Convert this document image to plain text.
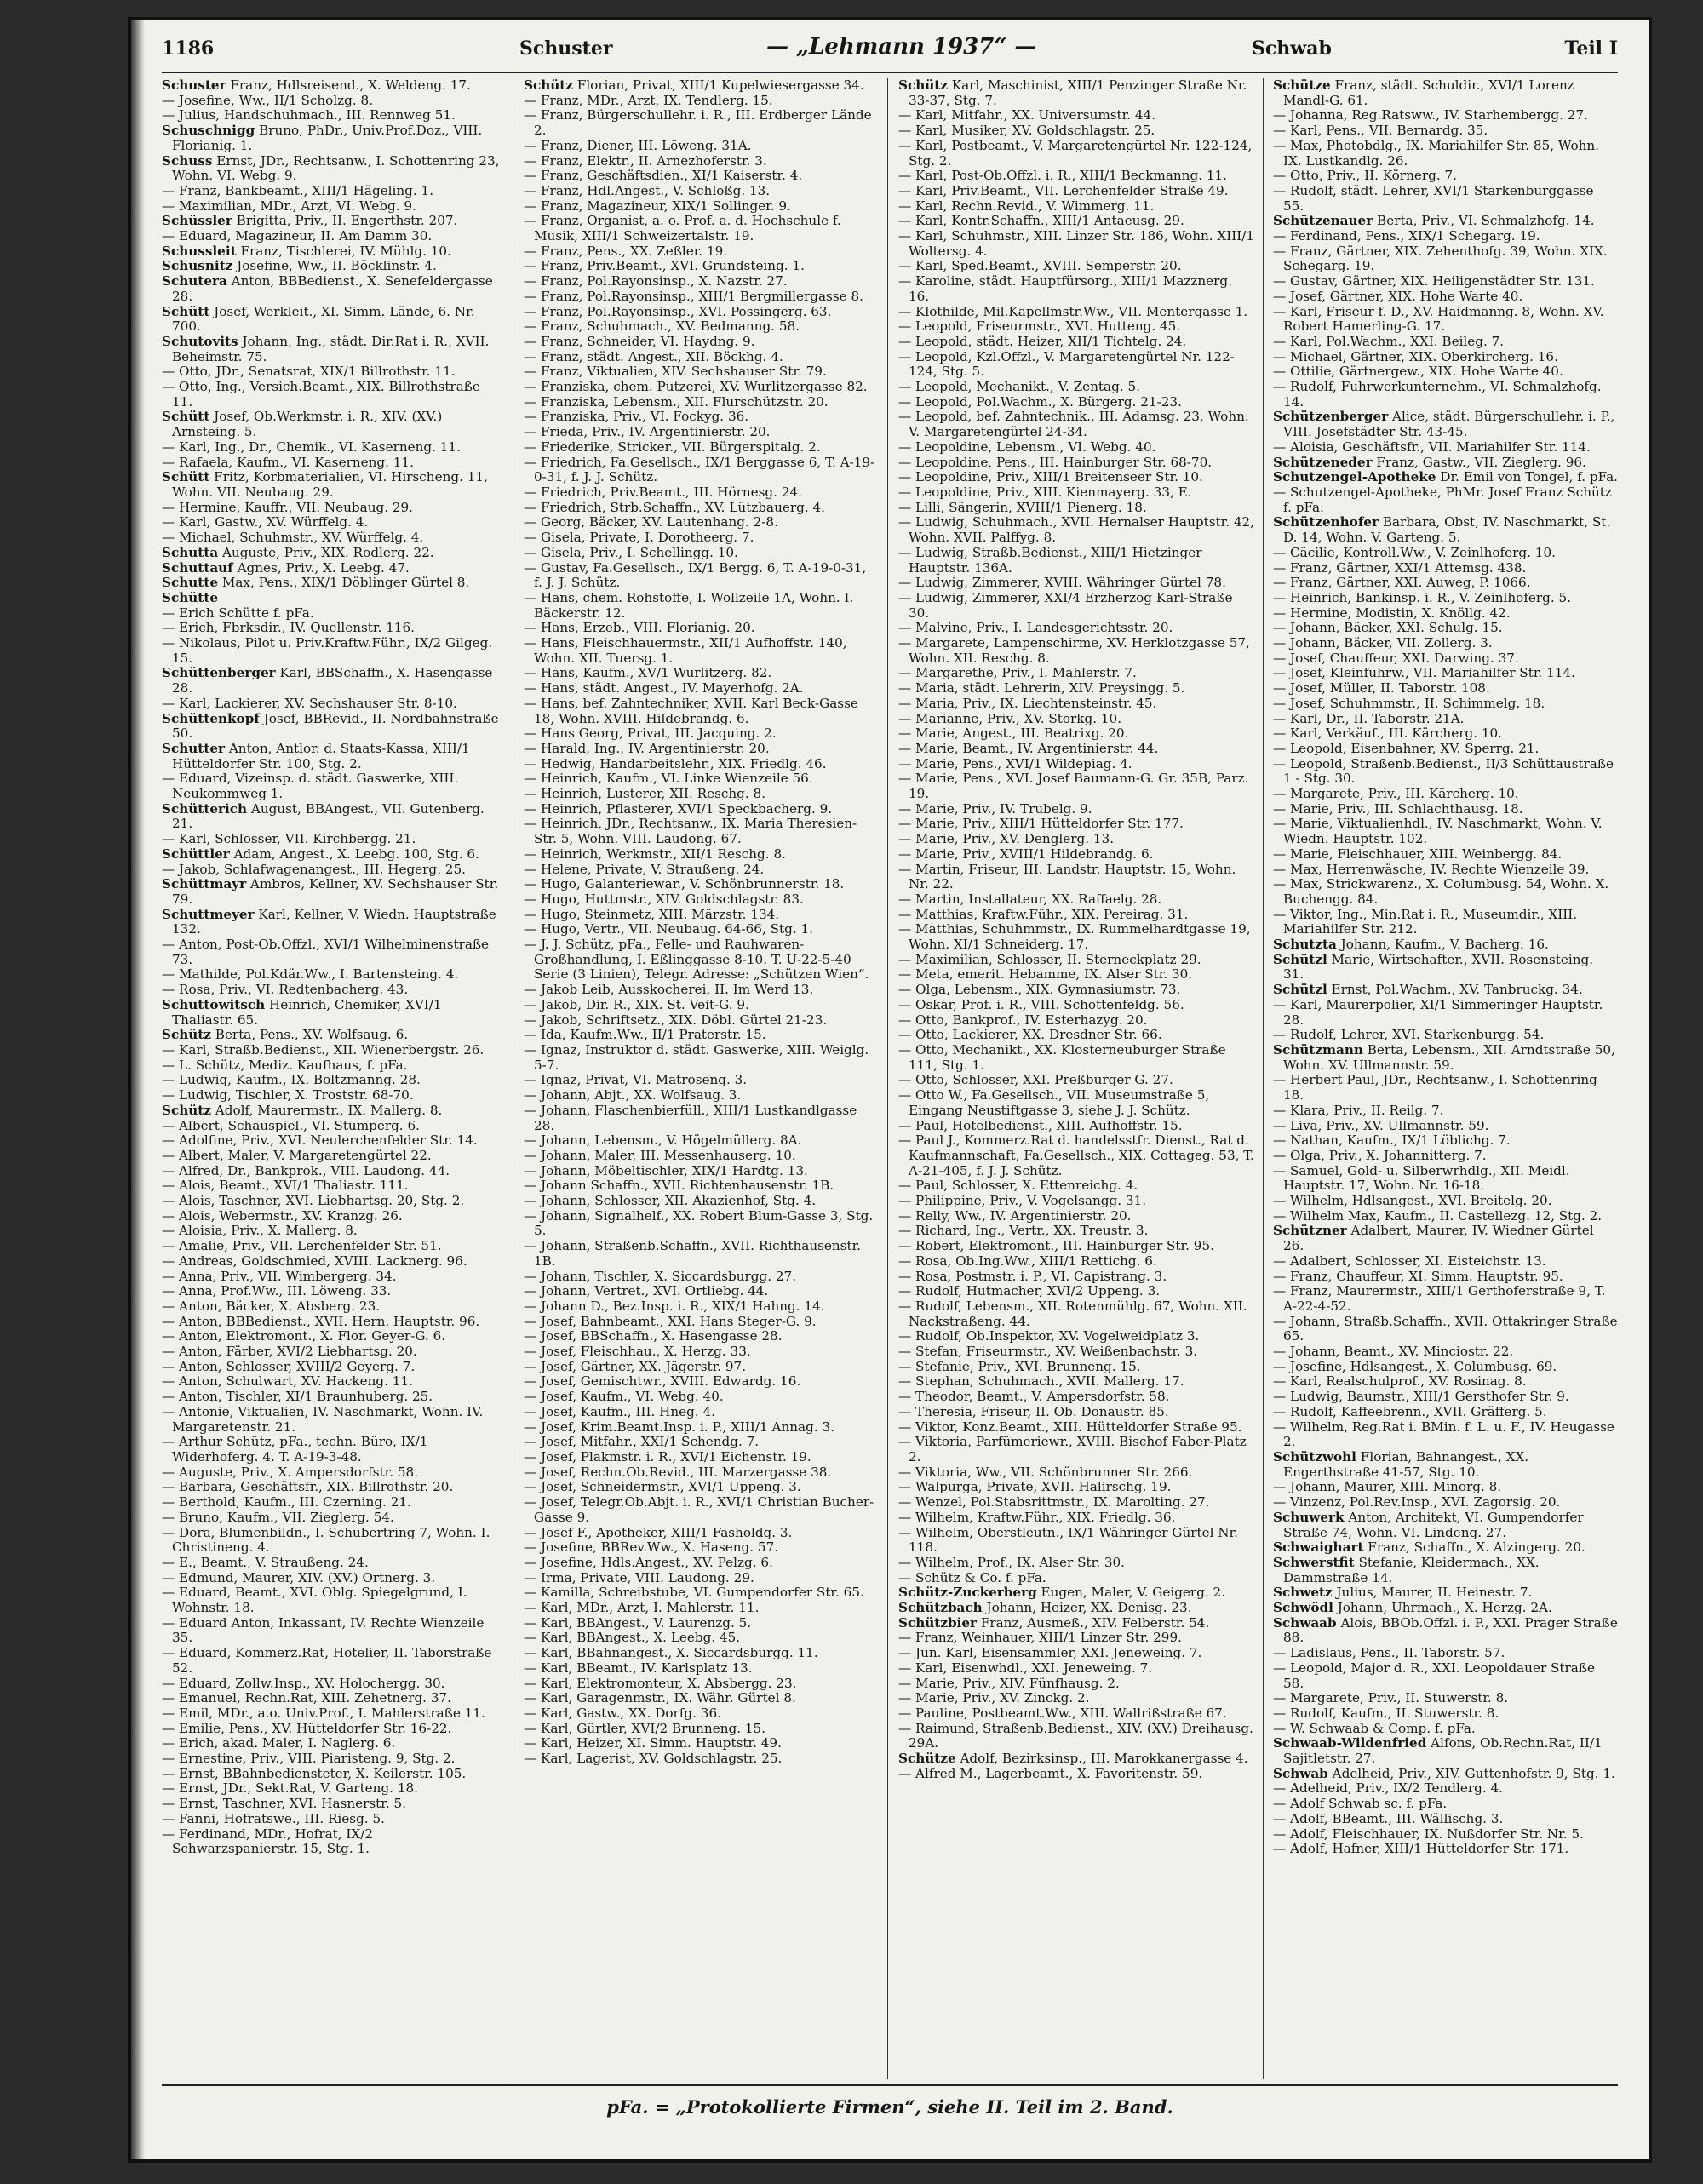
1186	Schuster	— „Lehmann 1937“ —	Schwab	Teil I

Schuster Franz, Hdlsreisend., X. Weldeng. 17.

— Josefine, Ww., II/1 Scholzg. 8.

— Julius, Handschuhmach., III. Rennweg 51.

Schuschnigg Bruno, PhDr., Univ.Prof.Doz., VIII. Florianig. 1.

Schuss Ernst, JDr., Rechtsanw., I. Schottenring 23, Wohn. VI. Webg. 9.

— Franz, Bankbeamt., XIII/1 Hägeling. 1.

— Maximilian, MDr., Arzt, VI. Webg. 9.

Schüssler Brigitta, Priv., II. Engerthstr. 207.

— Eduard, Magazineur, II. Am Damm 30.

Schussleit Franz, Tischlerei, IV. Mühlg. 10.

Schusnitz Josefine, Ww., II. Böcklinstr. 4.

Schutera Anton, BBBedienst., X. Senefeldergasse 28.

Schütt Josef, Werkleit., XI. Simm. Lände, 6. Nr. 700.

Schutovits Johann, Ing., städt. Dir.Rat i. R., XVII. Beheimstr. 75.

— Otto, JDr., Senatsrat, XIX/1 Billrothstr. 11.

— Otto, Ing., Versich.Beamt., XIX. Billrothstraße 11.

Schütt Josef, Ob.Werkmstr. i. R., XIV. (XV.) Arnsteing. 5.

— Karl, Ing., Dr., Chemik., VI. Kaserneng. 11.

— Rafaela, Kaufm., VI. Kaserneng. 11.

Schütt Fritz, Korbmaterialien, VI. Hirscheng. 11, Wohn. VII. Neubaug. 29.

— Hermine, Kauffr., VII. Neubaug. 29.

— Karl, Gastw., XV. Würffelg. 4.

— Michael, Schuhmstr., XV. Würffelg. 4.

Schutta Auguste, Priv., XIX. Rodlerg. 22.

Schuttauf Agnes, Priv., X. Leebg. 47.

Schutte Max, Pens., XIX/1 Döblinger Gürtel 8.

Schütte

— Erich Schütte f. pFa.

— Erich, Fbrksdir., IV. Quellenstr. 116.

— Nikolaus, Pilot u. Priv.Kraftw.Führ., IX/2 Gilgeg. 15.

Schüttenberger Karl, BBSchaffn., X. Hasengasse 28.

— Karl, Lackierer, XV. Sechshauser Str. 8-10.

Schüttenkopf Josef, BBRevid., II. Nordbahnstraße 50.

Schutter Anton, Antlor. d. Staats-Kassa, XIII/1 Hütteldorfer Str. 100, Stg. 2.

— Eduard, Vizeinsp. d. städt. Gaswerke, XIII. Neukommweg 1.

Schütterich August, BBAngest., VII. Gutenberg. 21.

— Karl, Schlosser, VII. Kirchbergg. 21.

Schüttler Adam, Angest., X. Leebg. 100, Stg. 6.

— Jakob, Schlafwagenangest., III. Hegerg. 25.

Schüttmayr Ambros, Kellner, XV. Sechshauser Str. 79.

Schuttmeyer Karl, Kellner, V. Wiedn. Hauptstraße 132.

— Anton, Post-Ob.Offzl., XVI/1 Wilhelminenstraße 73.

— Mathilde, Pol.Kdär.Ww., I. Bartensteing. 4.

— Rosa, Priv., VI. Redtenbacherg. 43.

Schuttowitsch Heinrich, Chemiker, XVI/1 Thaliastr. 65.

Schütz Berta, Pens., XV. Wolfsaug. 6.

— Karl, Straßb.Bedienst., XII. Wienerbergstr. 26.

— L. Schütz, Mediz. Kaufhaus, f. pFa.

— Ludwig, Kaufm., IX. Boltzmanng. 28.

— Ludwig, Tischler, X. Troststr. 68-70.

Schütz Adolf, Maurermstr., IX. Mallerg. 8.

— Albert, Schauspiel., VI. Stumperg. 6.

— Adolfine, Priv., XVI. Neulerchenfelder Str. 14.

— Albert, Maler, V. Margaretengürtel 22.

— Alfred, Dr., Bankprok., VIII. Laudong. 44.

— Alois, Beamt., XVI/1 Thaliastr. 111.

— Alois, Taschner, XVI. Liebhartsg. 20, Stg. 2.

— Alois, Webermstr., XV. Kranzg. 26.

— Aloisia, Priv., X. Mallerg. 8.

— Amalie, Priv., VII. Lerchenfelder Str. 51.

— Andreas, Goldschmied, XVIII. Lacknerg. 96.

— Anna, Priv., VII. Wimbergerg. 34.

— Anna, Prof.Ww., III. Löweng. 33.

— Anton, Bäcker, X. Absberg. 23.

— Anton, BBBedienst., XVII. Hern. Hauptstr. 96.

— Anton, Elektromont., X. Flor. Geyer-G. 6.

— Anton, Färber, XVI/2 Liebhartsg. 20.

— Anton, Schlosser, XVIII/2 Geyerg. 7.

— Anton, Schulwart, XV. Hackeng. 11.

— Anton, Tischler, XI/1 Braunhuberg. 25.

— Antonie, Viktualien, IV. Naschmarkt, Wohn. IV. Margaretenstr. 21.

— Arthur Schütz, pFa., techn. Büro, IX/1 Widerhoferg. 4. T. A-19-3-48.

— Auguste, Priv., X. Ampersdorfstr. 58.

— Barbara, Geschäftsfr., XIX. Billrothstr. 20.

— Berthold, Kaufm., III. Czerning. 21.

— Bruno, Kaufm., VII. Zieglerg. 54.

— Dora, Blumenbildn., I. Schubertring 7, Wohn. I. Christineng. 4.

— E., Beamt., V. Straußeng. 24.

— Edmund, Maurer, XIV. (XV.) Ortnerg. 3.

— Eduard, Beamt., XVI. Oblg. Spiegelgrund, I. Wohnstr. 18.

— Eduard Anton, Inkassant, IV. Rechte Wienzeile 35.

— Eduard, Kommerz.Rat, Hotelier, II. Taborstraße 52.

— Eduard, Zollw.Insp., XV. Holochergg. 30.

— Emanuel, Rechn.Rat, XIII. Zehetnerg. 37.

— Emil, MDr., a.o. Univ.Prof., I. Mahlerstraße 11.

— Emilie, Pens., XV. Hütteldorfer Str. 16-22.

— Erich, akad. Maler, I. Naglerg. 6.

— Ernestine, Priv., VIII. Piaristeng. 9, Stg. 2.

— Ernst, BBahnbediensteter, X. Keilerstr. 105.

— Ernst, JDr., Sekt.Rat, V. Garteng. 18.

— Ernst, Taschner, XVI. Hasnerstr. 5.

— Fanni, Hofratswe., III. Riesg. 5.

— Ferdinand, MDr., Hofrat, IX/2 Schwarzspanierstr. 15, Stg. 1.

Schütz Florian, Privat, XIII/1 Kupelwiesergasse 34.

— Franz, MDr., Arzt, IX. Tendlerg. 15.

— Franz, Bürgerschullehr. i. R., III. Erdberger Lände 2.

— Franz, Diener, III. Löweng. 31A.

— Franz, Elektr., II. Arnezhoferstr. 3.

— Franz, Geschäftsdien., XI/1 Kaiserstr. 4.

— Franz, Hdl.Angest., V. Schloßg. 13.

— Franz, Magazineur, XIX/1 Sollinger. 9.

— Franz, Organist, a. o. Prof. a. d. Hochschule f. Musik, XIII/1 Schweizertalstr. 19.

— Franz, Pens., XX. Zeßler. 19.

— Franz, Priv.Beamt., XVI. Grundsteing. 1.

— Franz, Pol.Rayonsinsp., X. Nazstr. 27.

— Franz, Pol.Rayonsinsp., XIII/1 Bergmillergasse 8.

— Franz, Pol.Rayonsinsp., XVI. Possingerg. 63.

— Franz, Schuhmach., XV. Bedmanng. 58.

— Franz, Schneider, VI. Haydng. 9.

— Franz, städt. Angest., XII. Böckhg. 4.

— Franz, Viktualien, XIV. Sechshauser Str. 79.

— Franziska, chem. Putzerei, XV. Wurlitzergasse 82.

— Franziska, Lebensm., XII. Flurschützstr. 20.

— Franziska, Priv., VI. Fockyg. 36.

— Frieda, Priv., IV. Argentinierstr. 20.

— Friederike, Stricker., VII. Bürgerspitalg. 2.

— Friedrich, Fa.Gesellsch., IX/1 Berggasse 6, T. A-19-0-31, f. J. J. Schütz.

— Friedrich, Priv.Beamt., III. Hörnesg. 24.

— Friedrich, Strb.Schaffn., XV. Lützbauerg. 4.

— Georg, Bäcker, XV. Lautenhang. 2-8.

— Gisela, Private, I. Dorotheerg. 7.

— Gisela, Priv., I. Schellingg. 10.

— Gustav, Fa.Gesellsch., IX/1 Bergg. 6, T. A-19-0-31, f. J. J. Schütz.

— Hans, chem. Rohstoffe, I. Wollzeile 1A, Wohn. I. Bäckerstr. 12.

— Hans, Erzeb., VIII. Florianig. 20.

— Hans, Fleischhauermstr., XII/1 Aufhoffstr. 140, Wohn. XII. Tuersg. 1.

— Hans, Kaufm., XV/1 Wurlitzerg. 82.

— Hans, städt. Angest., IV. Mayerhofg. 2A.

— Hans, bef. Zahntechniker, XVII. Karl Beck-Gasse 18, Wohn. XVIII. Hildebrandg. 6.

— Hans Georg, Privat, III. Jacquing. 2.

— Harald, Ing., IV. Argentinierstr. 20.

— Hedwig, Handarbeitslehr., XIX. Friedlg. 46.

— Heinrich, Kaufm., VI. Linke Wienzeile 56.

— Heinrich, Lusterer, XII. Reschg. 8.

— Heinrich, Pflasterer, XVI/1 Speckbacherg. 9.

— Heinrich, JDr., Rechtsanw., IX. Maria Theresien-Str. 5, Wohn. VIII. Laudong. 67.

— Heinrich, Werkmstr., XII/1 Reschg. 8.

— Helene, Private, V. Straußeng. 24.

— Hugo, Galanteriewar., V. Schönbrunnerstr. 18.

— Hugo, Huttmstr., XIV. Goldschlagstr. 83.

— Hugo, Steinmetz, XIII. Märzstr. 134.

— Hugo, Vertr., VII. Neubaug. 64-66, Stg. 1.

— J. J. Schütz, pFa., Felle- und Rauhwaren-Großhandlung, I. Eßlinggasse 8-10. T. U-22-5-40 Serie (3 Linien), Telegr. Adresse: „Schützen Wien“.

— Jakob Leib, Ausskocherei, II. Im Werd 13.

— Jakob, Dir. R., XIX. St. Veit-G. 9.

— Jakob, Schriftsetz., XIX. Döbl. Gürtel 21-23.

— Ida, Kaufm.Ww., II/1 Praterstr. 15.

— Ignaz, Instruktor d. städt. Gaswerke, XIII. Weiglg. 5-7.

— Ignaz, Privat, VI. Matroseng. 3.

— Johann, Abjt., XX. Wolfsaug. 3.

— Johann, Flaschenbierfüll., XIII/1 Lustkandlgasse 28.

— Johann, Lebensm., V. Högelmüllerg. 8A.

— Johann, Maler, III. Messenhauserg. 10.

— Johann, Möbeltischler, XIX/1 Hardtg. 13.

— Johann Schaffn., XVII. Richtenhausenstr. 1B.

— Johann, Schlosser, XII. Akazienhof, Stg. 4.

— Johann, Signalhelf., XX. Robert Blum-Gasse 3, Stg. 5.

— Johann, Straßenb.Schaffn., XVII. Richthausenstr. 1B.

— Johann, Tischler, X. Siccardsburgg. 27.

— Johann, Vertret., XVI. Ortliebg. 44.

— Johann D., Bez.Insp. i. R., XIX/1 Hahng. 14.

— Josef, Bahnbeamt., XXI. Hans Steger-G. 9.

— Josef, BBSchaffn., X. Hasengasse 28.

— Josef, Fleischhau., X. Herzg. 33.

— Josef, Gärtner, XX. Jägerstr. 97.

— Josef, Gemischtwr., XVIII. Edwardg. 16.

— Josef, Kaufm., VI. Webg. 40.

— Josef, Kaufm., III. Hneg. 4.

— Josef, Krim.Beamt.Insp. i. P., XIII/1 Annag. 3.

— Josef, Mitfahr., XXI/1 Schendg. 7.

— Josef, Plakmstr. i. R., XVI/1 Eichenstr. 19.

— Josef, Rechn.Ob.Revid., III. Marzergasse 38.

— Josef, Schneidermstr., XVI/1 Uppeng. 3.

— Josef, Telegr.Ob.Abjt. i. R., XVI/1 Christian Bucher-Gasse 9.

— Josef F., Apotheker, XIII/1 Fasholdg. 3.

— Josefine, BBRev.Ww., X. Haseng. 57.

— Josefine, Hdls.Angest., XV. Pelzg. 6.

— Irma, Private, VIII. Laudong. 29.

— Kamilla, Schreibstube, VI. Gumpendorfer Str. 65.

— Karl, MDr., Arzt, I. Mahlerstr. 11.

— Karl, BBAngest., V. Laurenzg. 5.

— Karl, BBAngest., X. Leebg. 45.

— Karl, BBahnangest., X. Siccardsburgg. 11.

— Karl, BBeamt., IV. Karlsplatz 13.

— Karl, Elektromonteur, X. Absbergg. 23.

— Karl, Garagenmstr., IX. Währ. Gürtel 8.

— Karl, Gastw., XX. Dorfg. 36.

— Karl, Gürtler, XVI/2 Brunneng. 15.

— Karl, Heizer, XI. Simm. Hauptstr. 49.

— Karl, Lagerist, XV. Goldschlagstr. 25.

Schütz Karl, Maschinist, XIII/1 Penzinger Straße Nr. 33-37, Stg. 7.

— Karl, Mitfahr., XX. Universumstr. 44.

— Karl, Musiker, XV. Goldschlagstr. 25.

— Karl, Postbeamt., V. Margaretengürtel Nr. 122-124, Stg. 2.

— Karl, Post-Ob.Offzl. i. R., XIII/1 Beckmanng. 11.

— Karl, Priv.Beamt., VII. Lerchenfelder Straße 49.

— Karl, Rechn.Revid., V. Wimmerg. 11.

— Karl, Kontr.Schaffn., XIII/1 Antaeusg. 29.

— Karl, Schuhmstr., XIII. Linzer Str. 186, Wohn. XIII/1 Woltersg. 4.

— Karl, Sped.Beamt., XVIII. Semperstr. 20.

— Karoline, städt. Hauptfürsorg., XIII/1 Mazznerg. 16.

— Klothilde, Mil.Kapellmstr.Ww., VII. Mentergasse 1.

— Leopold, Friseurmstr., XVI. Hutteng. 45.

— Leopold, städt. Heizer, XII/1 Tichtelg. 24.

— Leopold, Kzl.Offzl., V. Margaretengürtel Nr. 122-124, Stg. 5.

— Leopold, Mechanikt., V. Zentag. 5.

— Leopold, Pol.Wachm., X. Bürgerg. 21-23.

— Leopold, bef. Zahntechnik., III. Adamsg. 23, Wohn. V. Margaretengürtel 24-34.

— Leopoldine, Lebensm., VI. Webg. 40.

— Leopoldine, Pens., III. Hainburger Str. 68-70.

— Leopoldine, Priv., XIII/1 Breitenseer Str. 10.

— Leopoldine, Priv., XIII. Kienmayerg. 33, E.

— Lilli, Sängerin, XVIII/1 Pienerg. 18.

— Ludwig, Schuhmach., XVII. Hernalser Hauptstr. 42, Wohn. XVII. Palffyg. 8.

— Ludwig, Straßb.Bedienst., XIII/1 Hietzinger Hauptstr. 136A.

— Ludwig, Zimmerer, XVIII. Währinger Gürtel 78.

— Ludwig, Zimmerer, XXI/4 Erzherzog Karl-Straße 30.

— Malvine, Priv., I. Landesgerichtsstr. 20.

— Margarete, Lampenschirme, XV. Herklotzgasse 57, Wohn. XII. Reschg. 8.

— Margarethe, Priv., I. Mahlerstr. 7.

— Maria, städt. Lehrerin, XIV. Preysingg. 5.

— Maria, Priv., IX. Liechtensteinstr. 45.

— Marianne, Priv., XV. Storkg. 10.

— Marie, Angest., III. Beatrixg. 20.

— Marie, Beamt., IV. Argentinierstr. 44.

— Marie, Pens., XVI/1 Wildepiag. 4.

— Marie, Pens., XVI. Josef Baumann-G. Gr. 35B, Parz. 19.

— Marie, Priv., IV. Trubelg. 9.

— Marie, Priv., XIII/1 Hütteldorfer Str. 177.

— Marie, Priv., XV. Denglerg. 13.

— Marie, Priv., XVIII/1 Hildebrandg. 6.

— Martin, Friseur, III. Landstr. Hauptstr. 15, Wohn. Nr. 22.

— Martin, Installateur, XX. Raffaelg. 28.

— Matthias, Kraftw.Führ., XIX. Pereirag. 31.

— Matthias, Schuhmmstr., IX. Rummelhardtgasse 19, Wohn. XI/1 Schneiderg. 17.

— Maximilian, Schlosser, II. Sterneckplatz 29.

— Meta, emerit. Hebamme, IX. Alser Str. 30.

— Olga, Lebensm., XIX. Gymnasiumstr. 73.

— Oskar, Prof. i. R., VIII. Schottenfeldg. 56.

— Otto, Bankprof., IV. Esterhazyg. 20.

— Otto, Lackierer, XX. Dresdner Str. 66.

— Otto, Mechanikt., XX. Klosterneuburger Straße 111, Stg. 1.

— Otto, Schlosser, XXI. Preßburger G. 27.

— Otto W., Fa.Gesellsch., VII. Museumstraße 5, Eingang Neustiftgasse 3, siehe J. J. Schütz.

— Paul, Hotelbedienst., XIII. Aufhoffstr. 15.

— Paul J., Kommerz.Rat d. handelsstfr. Dienst., Rat d. Kaufmannschaft, Fa.Gesellsch., XIX. Cottageg. 53, T. A-21-405, f. J. J. Schütz.

— Paul, Schlosser, X. Ettenreichg. 4.

— Philippine, Priv., V. Vogelsangg. 31.

— Relly, Ww., IV. Argentinierstr. 20.

— Richard, Ing., Vertr., XX. Treustr. 3.

— Robert, Elektromont., III. Hainburger Str. 95.

— Rosa, Ob.Ing.Ww., XIII/1 Rettichg. 6.

— Rosa, Postmstr. i. P., VI. Capistrang. 3.

— Rudolf, Hutmacher, XVI/2 Uppeng. 3.

— Rudolf, Lebensm., XII. Rotenmühlg. 67, Wohn. XII. Nackstraßeng. 44.

— Rudolf, Ob.Inspektor, XV. Vogelweidplatz 3.

— Stefan, Friseurmstr., XV. Weißenbachstr. 3.

— Stefanie, Priv., XVI. Brunneng. 15.

— Stephan, Schuhmach., XVII. Mallerg. 17.

— Theodor, Beamt., V. Ampersdorfstr. 58.

— Theresia, Friseur, II. Ob. Donaustr. 85.

— Viktor, Konz.Beamt., XIII. Hütteldorfer Straße 95.

— Viktoria, Parfümeriewr., XVIII. Bischof Faber-Platz 2.

— Viktoria, Ww., VII. Schönbrunner Str. 266.

— Walpurga, Private, XVII. Halirschg. 19.

— Wenzel, Pol.Stabsrittmstr., IX. Marolting. 27.

— Wilhelm, Kraftw.Führ., XIX. Friedlg. 36.

— Wilhelm, Oberstleutn., IX/1 Währinger Gürtel Nr. 118.

— Wilhelm, Prof., IX. Alser Str. 30.

— Schütz & Co. f. pFa.

Schütz-Zuckerberg Eugen, Maler, V. Geigerg. 2.

Schützbach Johann, Heizer, XX. Denisg. 23.

Schützbier Franz, Ausmeß., XIV. Felberstr. 54.

— Franz, Weinhauer, XIII/1 Linzer Str. 299.

— Jun. Karl, Eisensammler, XXI. Jeneweing. 7.

— Karl, Eisenwhdl., XXI. Jeneweing. 7.

— Marie, Priv., XIV. Fünfhausg. 2.

— Marie, Priv., XV. Zinckg. 2.

— Pauline, Postbeamt.Ww., XIII. Wallrißstraße 67.

— Raimund, Straßenb.Bedienst., XIV. (XV.) Dreihausg. 29A.

Schütze Adolf, Bezirksinsp., III. Marokkanergasse 4.

— Alfred M., Lagerbeamt., X. Favoritenstr. 59.

Schütze Franz, städt. Schuldir., XVI/1 Lorenz Mandl-G. 61.

— Johanna, Reg.Ratsww., IV. Starhembergg. 27.

— Karl, Pens., VII. Bernardg. 35.

— Max, Photobdlg., IX. Mariahilfer Str. 85, Wohn. IX. Lustkandlg. 26.

— Otto, Priv., II. Körnerg. 7.

— Rudolf, städt. Lehrer, XVI/1 Starkenburggasse 55.

Schützenauer Berta, Priv., VI. Schmalzhofg. 14.

— Ferdinand, Pens., XIX/1 Schegarg. 19.

— Franz, Gärtner, XIX. Zehenthofg. 39, Wohn. XIX. Schegarg. 19.

— Gustav, Gärtner, XIX. Heiligenstädter Str. 131.

— Josef, Gärtner, XIX. Hohe Warte 40.

— Karl, Friseur f. D., XV. Haidmanng. 8, Wohn. XV. Robert Hamerling-G. 17.

— Karl, Pol.Wachm., XXI. Beileg. 7.

— Michael, Gärtner, XIX. Oberkircherg. 16.

— Ottilie, Gärtnergew., XIX. Hohe Warte 40.

— Rudolf, Fuhrwerkunternehm., VI. Schmalzhofg. 14.

Schützenberger Alice, städt. Bürgerschullehr. i. P., VIII. Josefstädter Str. 43-45.

— Aloisia, Geschäftsfr., VII. Mariahilfer Str. 114.

Schützeneder Franz, Gastw., VII. Zieglerg. 96.

Schutzengel-Apotheke Dr. Emil von Tongel, f. pFa.

— Schutzengel-Apotheke, PhMr. Josef Franz Schütz f. pFa.

Schützenhofer Barbara, Obst, IV. Naschmarkt, St. D. 14, Wohn. V. Garteng. 5.

— Cäcilie, Kontroll.Ww., V. Zeinlhoferg. 10.

— Franz, Gärtner, XXI/1 Attemsg. 438.

— Franz, Gärtner, XXI. Auweg, P. 1066.

— Heinrich, Bankinsp. i. R., V. Zeinlhoferg. 5.

— Hermine, Modistin, X. Knöllg. 42.

— Johann, Bäcker, XXI. Schulg. 15.

— Johann, Bäcker, VII. Zollerg. 3.

— Josef, Chauffeur, XXI. Darwing. 37.

— Josef, Kleinfuhrw., VII. Mariahilfer Str. 114.

— Josef, Müller, II. Taborstr. 108.

— Josef, Schuhmmstr., II. Schimmelg. 18.

— Karl, Dr., II. Taborstr. 21A.

— Karl, Verkäuf., III. Kärcherg. 10.

— Leopold, Eisenbahner, XV. Sperrg. 21.

— Leopold, Straßenb.Bedienst., II/3 Schüttaustraße 1 - Stg. 30.

— Margarete, Priv., III. Kärcherg. 10.

— Marie, Priv., III. Schlachthausg. 18.

— Marie, Viktualienhdl., IV. Naschmarkt, Wohn. V. Wiedn. Hauptstr. 102.

— Marie, Fleischhauer, XIII. Weinbergg. 84.

— Max, Herrenwäsche, IV. Rechte Wienzeile 39.

— Max, Strickwarenz., X. Columbusg. 54, Wohn. X. Buchengg. 84.

— Viktor, Ing., Min.Rat i. R., Museumdir., XIII. Mariahilfer Str. 212.

Schutzta Johann, Kaufm., V. Bacherg. 16.

Schützl Marie, Wirtschafter., XVII. Rosensteing. 31.

Schützl Ernst, Pol.Wachm., XV. Tanbruckg. 34.

— Karl, Maurerpolier, XI/1 Simmeringer Hauptstr. 28.

— Rudolf, Lehrer, XVI. Starkenburgg. 54.

Schützmann Berta, Lebensm., XII. Arndtstraße 50, Wohn. XV. Ullmannstr. 59.

— Herbert Paul, JDr., Rechtsanw., I. Schottenring 18.

— Klara, Priv., II. Reilg. 7.

— Liva, Priv., XV. Ullmannstr. 59.

— Nathan, Kaufm., IX/1 Löblichg. 7.

— Olga, Priv., X. Johannitterg. 7.

— Samuel, Gold- u. Silberwrhdlg., XII. Meidl. Hauptstr. 17, Wohn. Nr. 16-18.

— Wilhelm, Hdlsangest., XVI. Breitelg. 20.

— Wilhelm Max, Kaufm., II. Castellezg. 12, Stg. 2.

Schützner Adalbert, Maurer, IV. Wiedner Gürtel 26.

— Adalbert, Schlosser, XI. Eisteichstr. 13.

— Franz, Chauffeur, XI. Simm. Hauptstr. 95.

— Franz, Maurermstr., XIII/1 Gerthoferstraße 9, T. A-22-4-52.

— Johann, Straßb.Schaffn., XVII. Ottakringer Straße 65.

— Johann, Beamt., XV. Minciostr. 22.

— Josefine, Hdlsangest., X. Columbusg. 69.

— Karl, Realschulprof., XV. Rosinag. 8.

— Ludwig, Baumstr., XIII/1 Gersthofer Str. 9.

— Rudolf, Kaffeebrenn., XVII. Gräfferg. 5.

— Wilhelm, Reg.Rat i. BMin. f. L. u. F., IV. Heugasse 2.

Schützwohl Florian, Bahnangest., XX. Engerthstraße 41-57, Stg. 10.

— Johann, Maurer, XIII. Minorg. 8.

— Vinzenz, Pol.Rev.Insp., XVI. Zagorsig. 20.

Schuwerk Anton, Architekt, VI. Gumpendorfer Straße 74, Wohn. VI. Lindeng. 27.

Schwaighart Franz, Schaffn., X. Alzingerg. 20.

Schwerstfit Stefanie, Kleidermach., XX. Dammstraße 14.

Schwetz Julius, Maurer, II. Heinestr. 7.

Schwödl Johann, Uhrmach., X. Herzg. 2A.

Schwaab Alois, BBOb.Offzl. i. P., XXI. Prager Straße 88.

— Ladislaus, Pens., II. Taborstr. 57.

— Leopold, Major d. R., XXI. Leopoldauer Straße 58.

— Margarete, Priv., II. Stuwerstr. 8.

— Rudolf, Kaufm., II. Stuwerstr. 8.

— W. Schwaab & Comp. f. pFa.

Schwaab-Wildenfried Alfons, Ob.Rechn.Rat, II/1 Sajitletstr. 27.

Schwab Adelheid, Priv., XIV. Guttenhofstr. 9, Stg. 1.

— Adelheid, Priv., IX/2 Tendlerg. 4.

— Adolf Schwab sc. f. pFa.

— Adolf, BBeamt., III. Wällischg. 3.

— Adolf, Fleischhauer, IX. Nußdorfer Str. Nr. 5.

— Adolf, Hafner, XIII/1 Hütteldorfer Str. 171.

pFa. = „Protokollierte Firmen“, siehe II. Teil im 2. Band.
